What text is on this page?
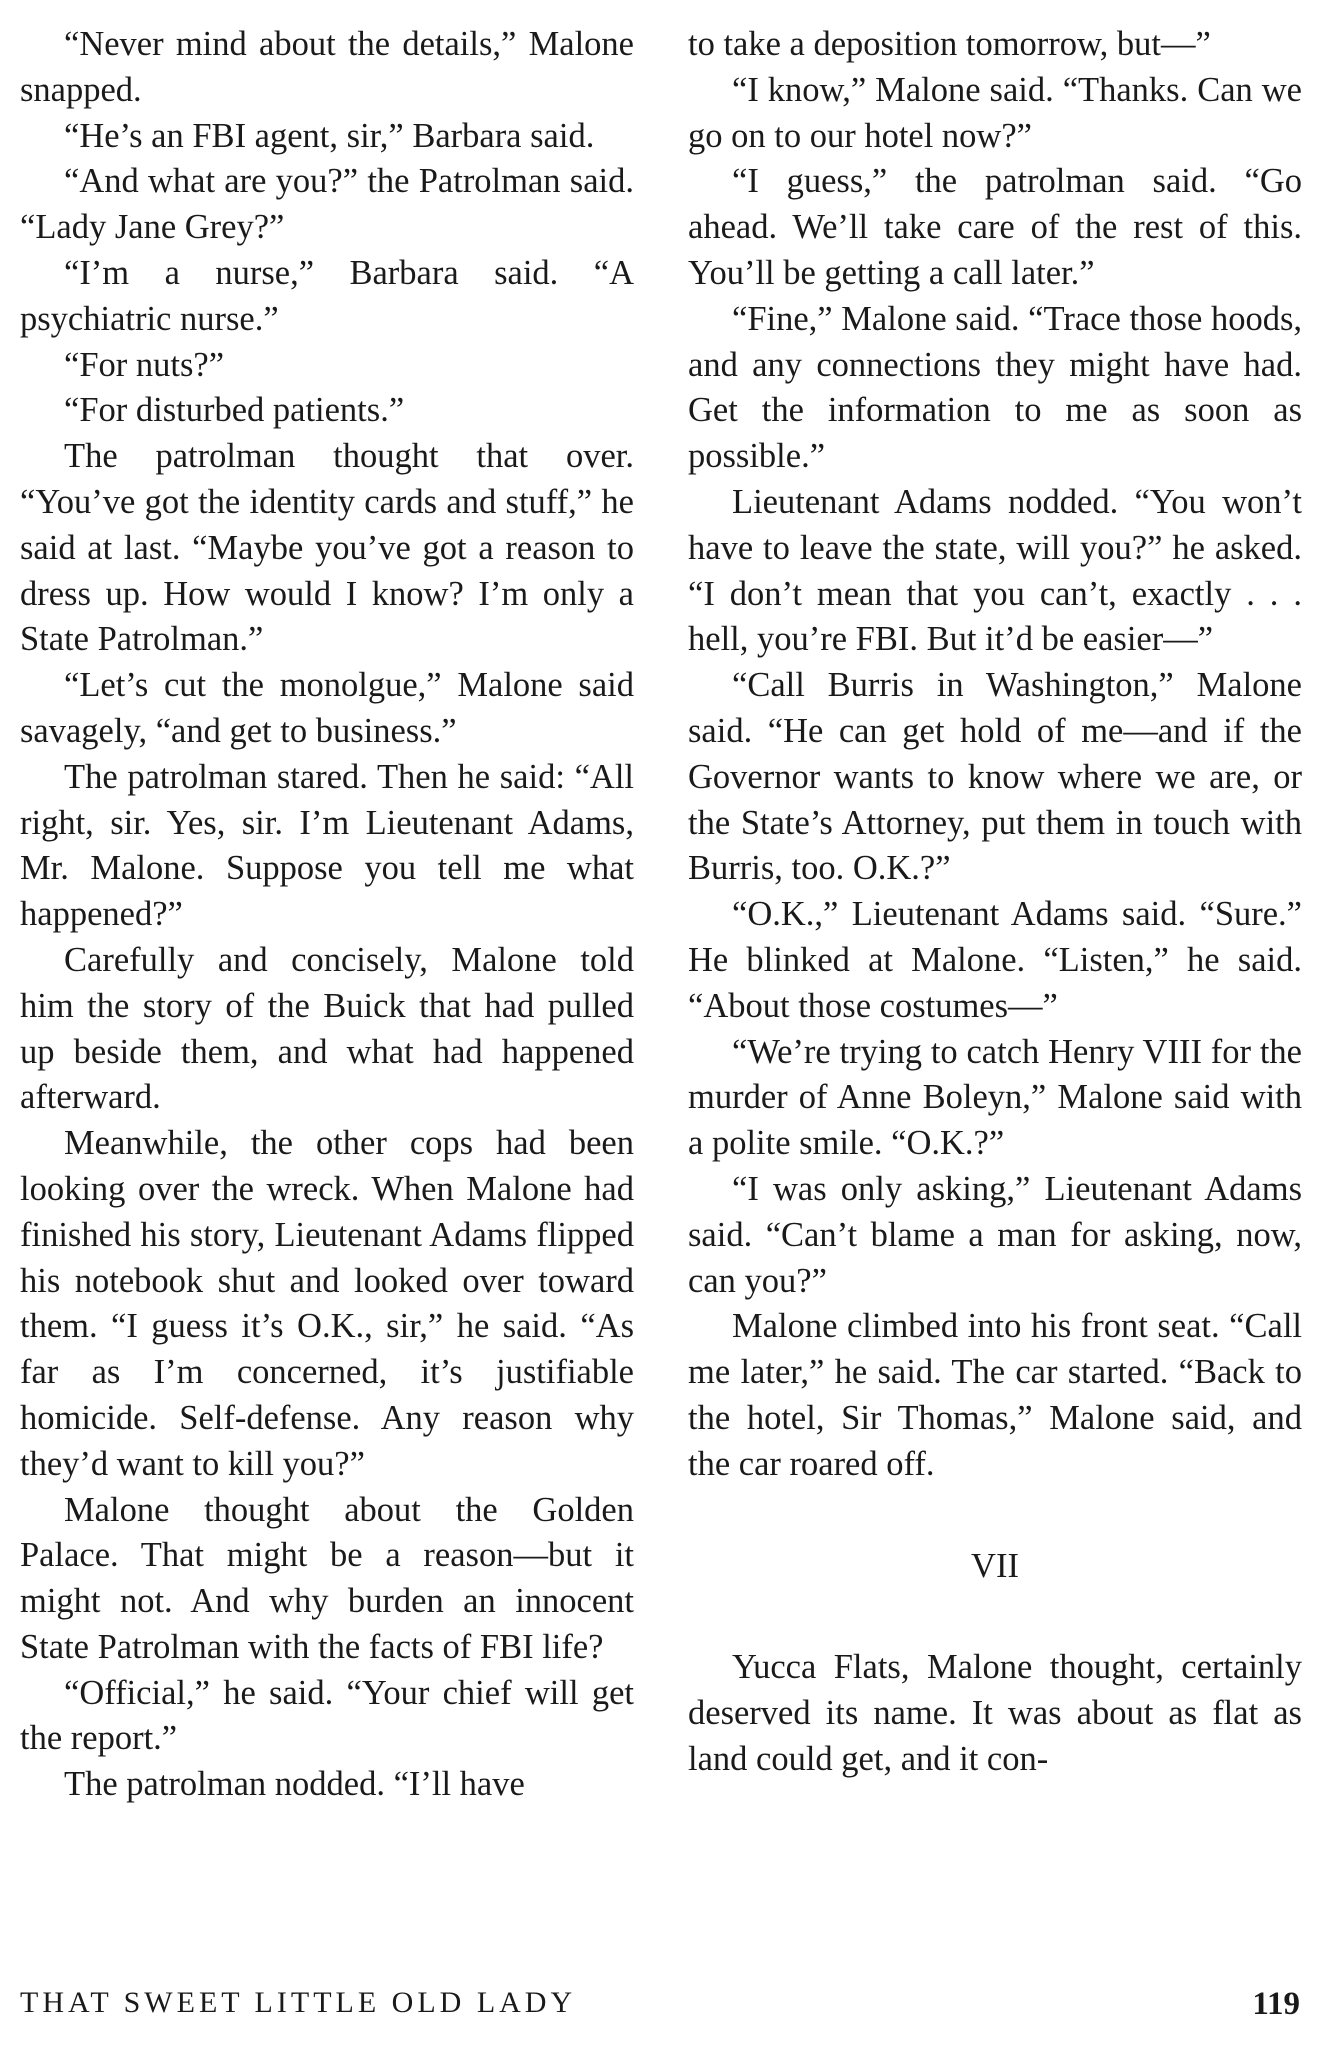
“Never mind about the details,” Malone snapped.

“He’s an FBI agent, sir,” Barbara said.

“And what are you?” the Patrolman said. “Lady Jane Grey?”

“I’m a nurse,” Barbara said. “A psychiatric nurse.”

“For nuts?”

“For disturbed patients.”

The patrolman thought that over. “You’ve got the identity cards and stuff,” he said at last. “Maybe you’ve got a reason to dress up. How would I know? I’m only a State Patrolman.”

“Let’s cut the monolgue,” Malone said savagely, “and get to business.”

The patrolman stared. Then he said: “All right, sir. Yes, sir. I’m Lieutenant Adams, Mr. Malone. Suppose you tell me what happened?”

Carefully and concisely, Malone told him the story of the Buick that had pulled up beside them, and what had happened afterward.

Meanwhile, the other cops had been looking over the wreck. When Malone had finished his story, Lieutenant Adams flipped his notebook shut and looked over toward them. “I guess it’s O.K., sir,” he said. “As far as I’m concerned, it’s justifiable homicide. Self-defense. Any reason why they’d want to kill you?”

Malone thought about the Golden Palace. That might be a reason—but it might not. And why burden an innocent State Patrolman with the facts of FBI life?

“Official,” he said. “Your chief will get the report.”

The patrolman nodded. “I’ll have

to take a deposition tomorrow, but—”

“I know,” Malone said. “Thanks. Can we go on to our hotel now?”

“I guess,” the patrolman said. “Go ahead. We’ll take care of the rest of this. You’ll be getting a call later.”

“Fine,” Malone said. “Trace those hoods, and any connections they might have had. Get the information to me as soon as possible.”

Lieutenant Adams nodded. “You won’t have to leave the state, will you?” he asked. “I don’t mean that you can’t, exactly . . . hell, you’re FBI. But it’d be easier—”

“Call Burris in Washington,” Malone said. “He can get hold of me—and if the Governor wants to know where we are, or the State’s Attorney, put them in touch with Burris, too. O.K.?”

“O.K.,” Lieutenant Adams said. “Sure.” He blinked at Malone. “Listen,” he said. “About those costumes—”

“We’re trying to catch Henry VIII for the murder of Anne Boleyn,” Malone said with a polite smile. “O.K.?”

“I was only asking,” Lieutenant Adams said. “Can’t blame a man for asking, now, can you?”

Malone climbed into his front seat. “Call me later,” he said. The car started. “Back to the hotel, Sir Thomas,” Malone said, and the car roared off.

VII

Yucca Flats, Malone thought, certainly deserved its name. It was about as flat as land could get, and it con-

THAT SWEET LITTLE OLD LADY	119
